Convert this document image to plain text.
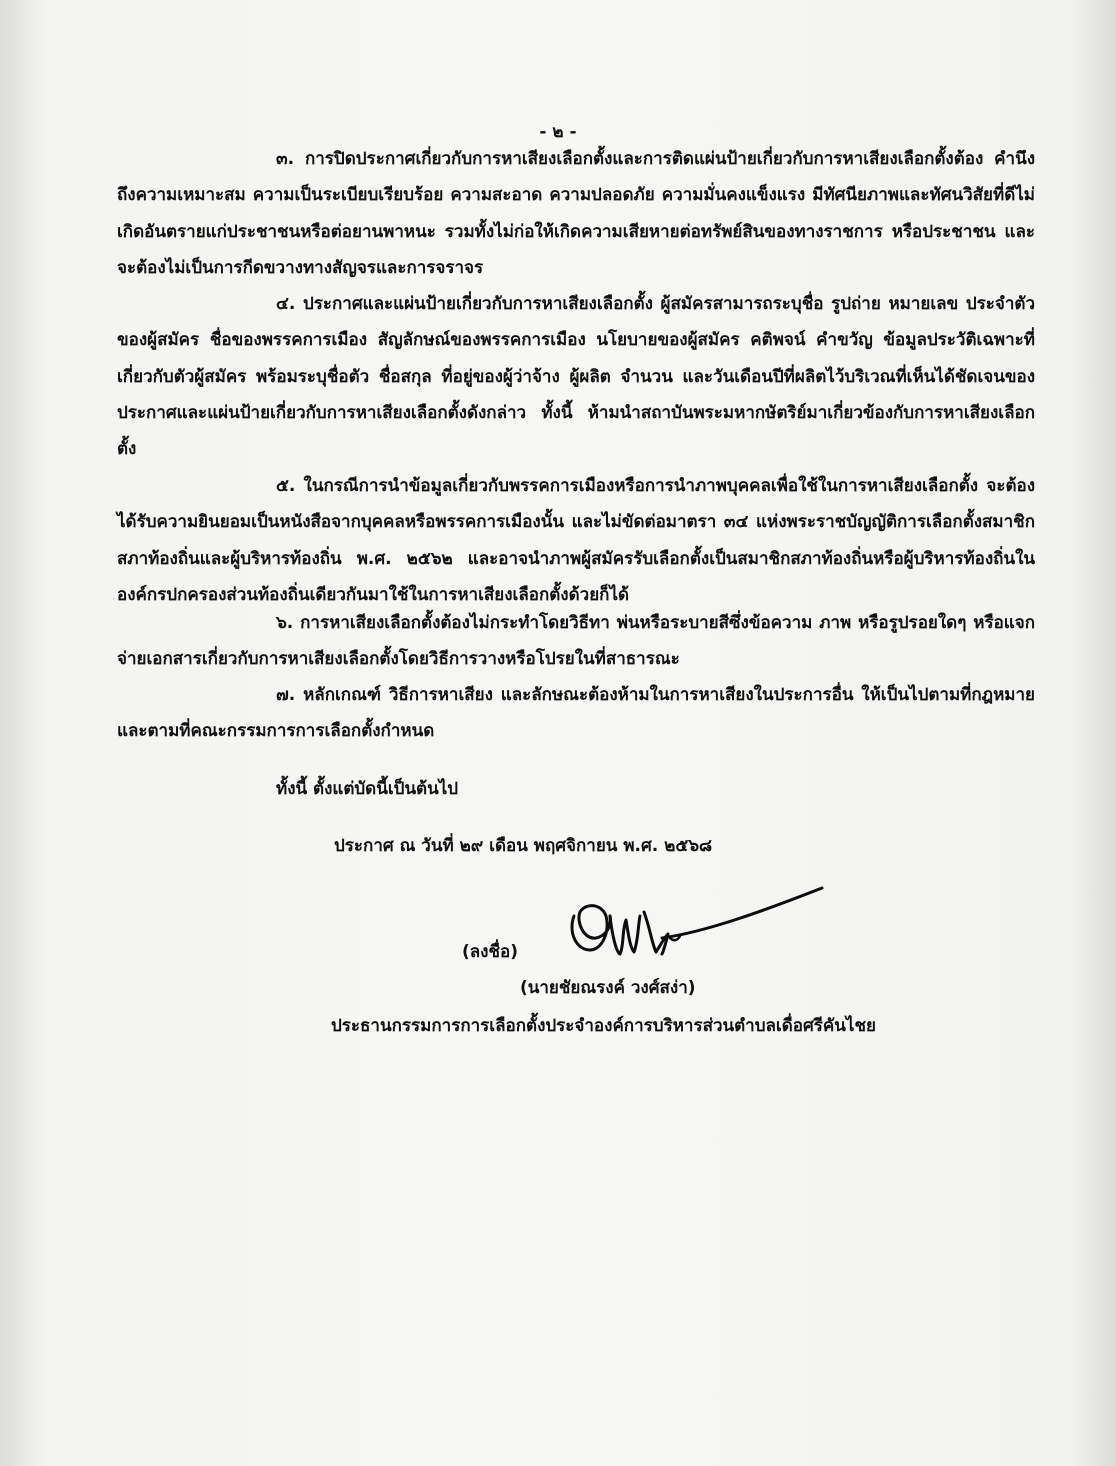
- ๒ -
๓. การปิดประกาศเกี่ยวกับการหาเสียงเลือกตั้งและการติดแผ่นป้ายเกี่ยวกับการหาเสียงเลือกตั้งต้อง คำนึงถึงความเหมาะสม ความเป็นระเบียบเรียบร้อย ความสะอาด ความปลอดภัย ความมั่นคงแข็งแรง มีทัศนียภาพและทัศนวิสัยที่ดีไม่เกิดอันตรายแก่ประชาชนหรือต่อยานพาหนะ รวมทั้งไม่ก่อให้เกิดความเสียหายต่อทรัพย์สินของทางราชการ หรือประชาชน และจะต้องไม่เป็นการกีดขวางทางสัญจรและการจราจร
๔. ประกาศและแผ่นป้ายเกี่ยวกับการหาเสียงเลือกตั้ง ผู้สมัครสามารถระบุชื่อ รูปถ่าย หมายเลข ประจำตัวของผู้สมัคร ชื่อของพรรคการเมือง สัญลักษณ์ของพรรคการเมือง นโยบายของผู้สมัคร คติพจน์ คำขวัญ ข้อมูลประวัติเฉพาะที่เกี่ยวกับตัวผู้สมัคร พร้อมระบุชื่อตัว ชื่อสกุล ที่อยู่ของผู้ว่าจ้าง ผู้ผลิต จำนวน และวันเดือนปีที่ผลิตไว้บริเวณที่เห็นได้ชัดเจนของประกาศและแผ่นป้ายเกี่ยวกับการหาเสียงเลือกตั้งดังกล่าว ทั้งนี้ ห้ามนำสถาบันพระมหากษัตริย์มาเกี่ยวข้องกับการหาเสียงเลือกตั้ง
๕. ในกรณีการนำข้อมูลเกี่ยวกับพรรคการเมืองหรือการนำภาพบุคคลเพื่อใช้ในการหาเสียงเลือกตั้ง จะต้องได้รับความยินยอมเป็นหนังสือจากบุคคลหรือพรรคการเมืองนั้น และไม่ขัดต่อมาตรา ๓๔ แห่งพระราชบัญญัติการเลือกตั้งสมาชิกสภาท้องถิ่นและผู้บริหารท้องถิ่น พ.ศ. ๒๕๖๒ และอาจนำภาพผู้สมัครรับเลือกตั้งเป็นสมาชิกสภาท้องถิ่นหรือผู้บริหารท้องถิ่นในองค์กรปกครองส่วนท้องถิ่นเดียวกันมาใช้ในการหาเสียงเลือกตั้งด้วยก็ได้
๖. การหาเสียงเลือกตั้งต้องไม่กระทำโดยวิธีทา พ่นหรือระบายสีซึ่งข้อความ ภาพ หรือรูปรอยใดๆ หรือแจกจ่ายเอกสารเกี่ยวกับการหาเสียงเลือกตั้งโดยวิธีการวางหรือโปรยในที่สาธารณะ
๗. หลักเกณฑ์ วิธีการหาเสียง และลักษณะต้องห้ามในการหาเสียงในประการอื่น ให้เป็นไปตามที่กฎหมายและตามที่คณะกรรมการการเลือกตั้งกำหนด
ทั้งนี้ ตั้งแต่บัดนี้เป็นต้นไป
ประกาศ ณ วันที่ ๒๙ เดือน พฤศจิกายน พ.ศ. ๒๕๖๘
(ลงชื่อ)
(นายชัยณรงค์ วงศ์สง่า)
ประธานกรรมการการเลือกตั้งประจำองค์การบริหารส่วนตำบลเดื่อศรีคันไชย
